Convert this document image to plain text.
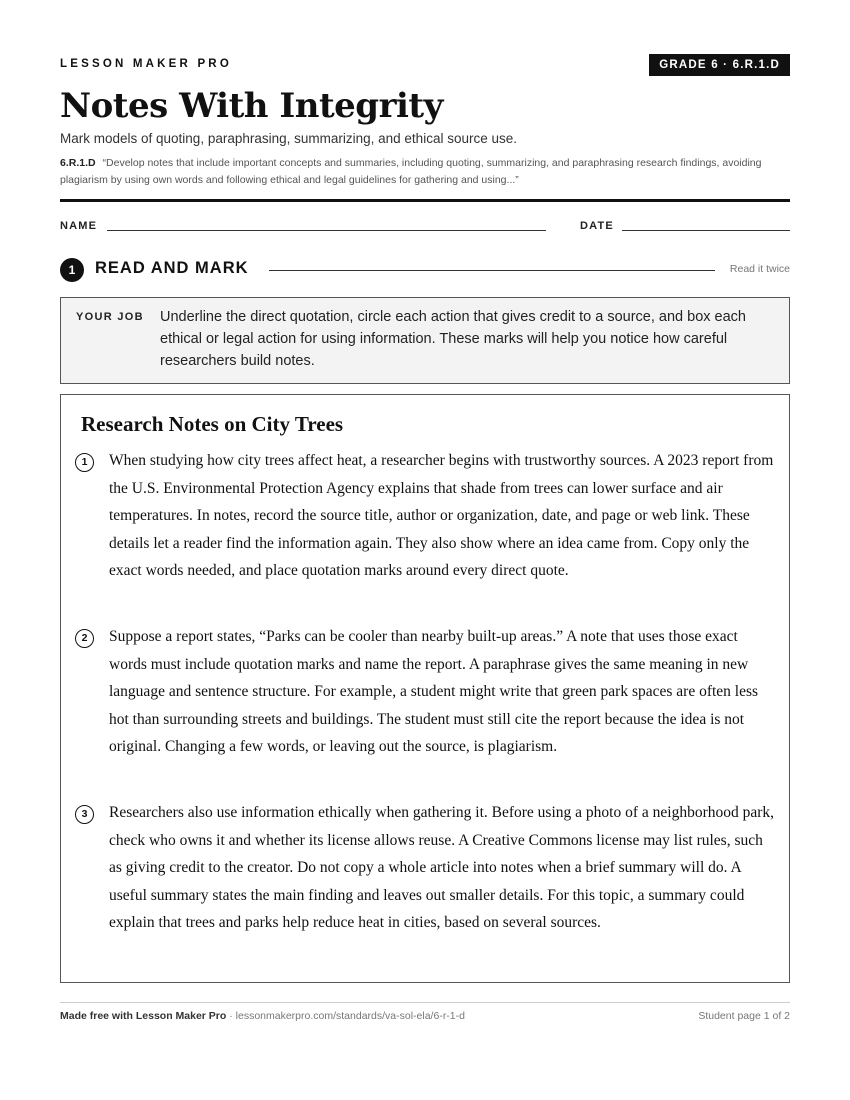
LESSON MAKER PRO	GRADE 6 · 6.R.1.D
Notes With Integrity
Mark models of quoting, paraphrasing, summarizing, and ethical source use.
6.R.1.D “Develop notes that include important concepts and summaries, including quoting, summarizing, and paraphrasing research findings, avoiding plagiarism by using own words and following ethical and legal guidelines for gathering and using...”
NAME	DATE
1	READ AND MARK	Read it twice
YOUR JOB Underline the direct quotation, circle each action that gives credit to a source, and box each ethical or legal action for using information. These marks will help you notice how careful researchers build notes.
Research Notes on City Trees
1	When studying how city trees affect heat, a researcher begins with trustworthy sources. A 2023 report from the U.S. Environmental Protection Agency explains that shade from trees can lower surface and air temperatures. In notes, record the source title, author or organization, date, and page or web link. These details let a reader find the information again. They also show where an idea came from. Copy only the exact words needed, and place quotation marks around every direct quote.
2	Suppose a report states, “Parks can be cooler than nearby built-up areas.” A note that uses those exact words must include quotation marks and name the report. A paraphrase gives the same meaning in new language and sentence structure. For example, a student might write that green park spaces are often less hot than surrounding streets and buildings. The student must still cite the report because the idea is not original. Changing a few words, or leaving out the source, is plagiarism.
3	Researchers also use information ethically when gathering it. Before using a photo of a neighborhood park, check who owns it and whether its license allows reuse. A Creative Commons license may list rules, such as giving credit to the creator. Do not copy a whole article into notes when a brief summary will do. A useful summary states the main finding and leaves out smaller details. For this topic, a summary could explain that trees and parks help reduce heat in cities, based on several sources.
Made free with Lesson Maker Pro · lessonmakerpro.com/standards/va-sol-ela/6-r-1-d	Student page 1 of 2
